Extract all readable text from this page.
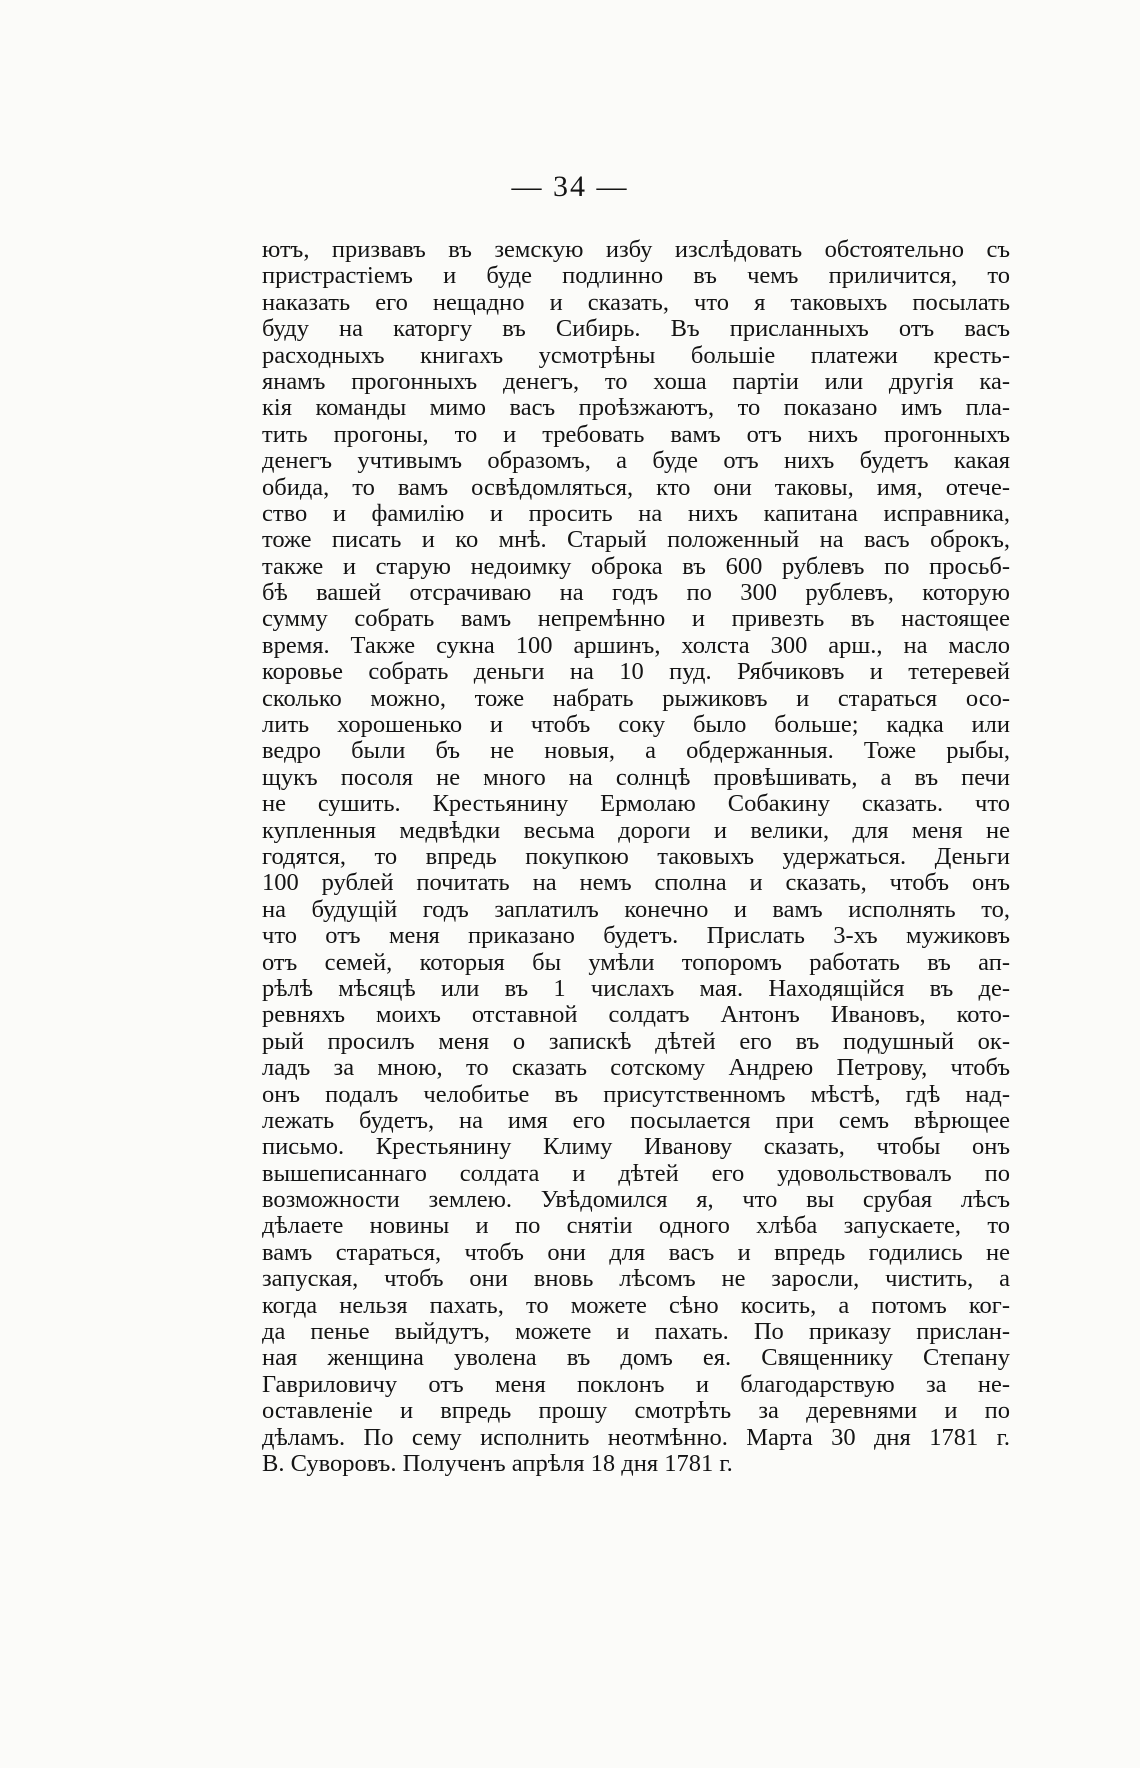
— 34 —
ютъ, призвавъ въ земскую избу изслѣдовать обстоятельно съ
пристрастіемъ и буде подлинно въ чемъ приличится, то
наказать его нещадно и сказать, что я таковыхъ посылать
буду на каторгу въ Сибирь. Въ присланныхъ отъ васъ
расходныхъ книгахъ усмотрѣны большіе платежи кресть-
янамъ прогонныхъ денегъ, то хоша партіи или другія ка-
кія команды мимо васъ проѣзжаютъ, то показано имъ пла-
тить прогоны, то и требовать вамъ отъ нихъ прогонныхъ
денегъ учтивымъ образомъ, а буде отъ нихъ будетъ какая
обида, то вамъ освѣдомляться, кто они таковы, имя, отече-
ство и фамилію и просить на нихъ капитана исправника,
тоже писать и ко мнѣ. Старый положенный на васъ оброкъ,
также и старую недоимку оброка въ 600 рублевъ по просьб-
бѣ вашей отсрачиваю на годъ по 300 рублевъ, которую
сумму собрать вамъ непремѣнно и привезть въ настоящее
время. Также сукна 100 аршинъ, холста 300 арш., на масло
коровье собрать деньги на 10 пуд. Рябчиковъ и тетеревей
сколько можно, тоже набрать рыжиковъ и стараться осо-
лить хорошенько и чтобъ соку было больше; кадка или
ведро были бъ не новыя, а обдержанныя. Тоже рыбы,
щукъ посоля не много на солнцѣ провѣшивать, а въ печи
не сушить. Крестьянину Ермолаю Собакину сказать. что
купленныя медвѣдки весьма дороги и велики, для меня не
годятся, то впредь покупкою таковыхъ удержаться. Деньги
100 рублей почитать на немъ сполна и сказать, чтобъ онъ
на будущій годъ заплатилъ конечно и вамъ исполнять то,
что отъ меня приказано будетъ. Прислать 3-хъ мужиковъ
отъ семей, которыя бы умѣли топоромъ работать въ ап-
рѣлѣ мѣсяцѣ или въ 1 числахъ мая. Находящійся въ де-
ревняхъ моихъ отставной солдатъ Антонъ Ивановъ, кото-
рый просилъ меня о запискѣ дѣтей его въ подушный ок-
ладъ за мною, то сказать сотскому Андрею Петрову, чтобъ
онъ подалъ челобитье въ присутственномъ мѣстѣ, гдѣ над-
лежать будетъ, на имя его посылается при семъ вѣрющее
письмо. Крестьянину Климу Иванову сказать, чтобы онъ
вышеписаннаго солдата и дѣтей его удовольствовалъ по
возможности землею. Увѣдомился я, что вы срубая лѣсъ
дѣлаете новины и по снятіи одного хлѣба запускаете, то
вамъ стараться, чтобъ они для васъ и впредь годились не
запуская, чтобъ они вновь лѣсомъ не заросли, чистить, а
когда нельзя пахать, то можете сѣно косить, а потомъ ког-
да пенье выйдутъ, можете и пахать. По приказу прислан-
ная женщина уволена въ домъ ея. Священнику Степану
Гавриловичу отъ меня поклонъ и благодарствую за не-
оставленіе и впредь прошу смотрѣть за деревнями и по
дѣламъ. По сему исполнить неотмѣнно. Марта 30 дня 1781 г.
В. Суворовъ. Полученъ апрѣля 18 дня 1781 г.
